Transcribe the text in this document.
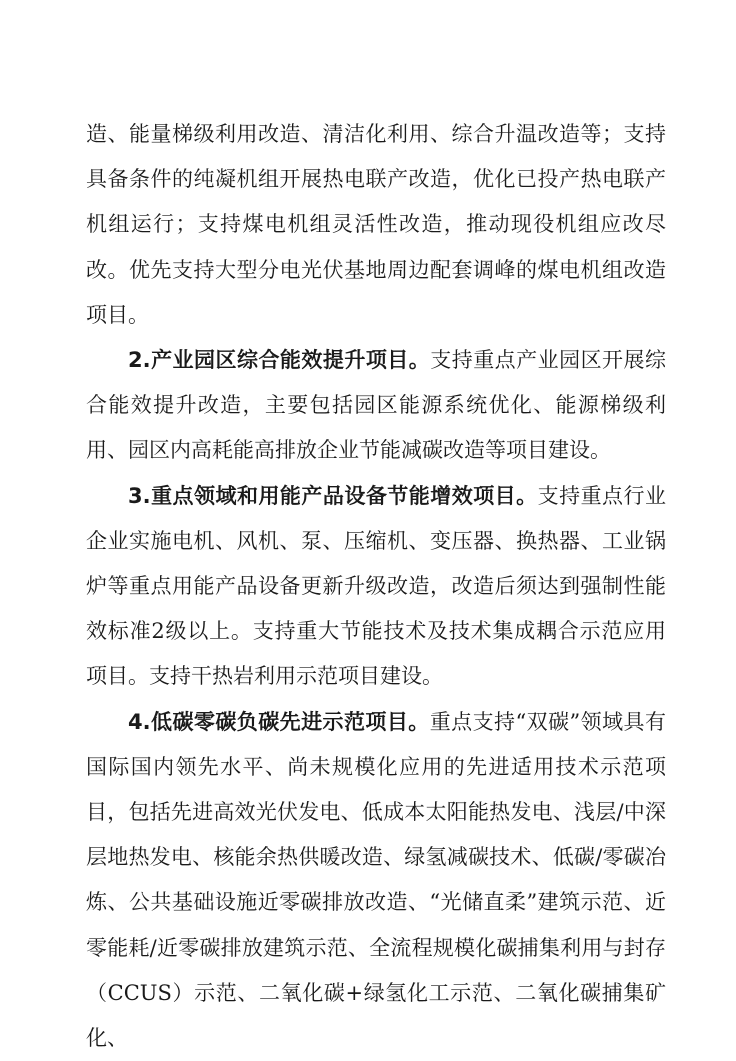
造、能量梯级利用改造、清洁化利用、综合升温改造等；支持具备条件的纯凝机组开展热电联产改造，优化已投产热电联产机组运行；支持煤电机组灵活性改造，推动现役机组应改尽改。优先支持大型分电光伏基地周边配套调峰的煤电机组改造项目。

2.产业园区综合能效提升项目。支持重点产业园区开展综合能效提升改造，主要包括园区能源系统优化、能源梯级利用、园区内高耗能高排放企业节能减碳改造等项目建设。

3.重点领域和用能产品设备节能增效项目。支持重点行业企业实施电机、风机、泵、压缩机、变压器、换热器、工业锅炉等重点用能产品设备更新升级改造，改造后须达到强制性能效标准2级以上。支持重大节能技术及技术集成耦合示范应用项目。支持干热岩利用示范项目建设。

4.低碳零碳负碳先进示范项目。重点支持“双碳”领域具有国际国内领先水平、尚未规模化应用的先进适用技术示范项目，包括先进高效光伏发电、低成本太阳能热发电、浅层/中深层地热发电、核能余热供暖改造、绿氢减碳技术、低碳/零碳冶炼、公共基础设施近零碳排放改造、“光储直柔”建筑示范、近零能耗/近零碳排放建筑示范、全流程规模化碳捕集利用与封存（CCUS）示范、二氧化碳+绿氢化工示范、二氧化碳捕集矿化、
